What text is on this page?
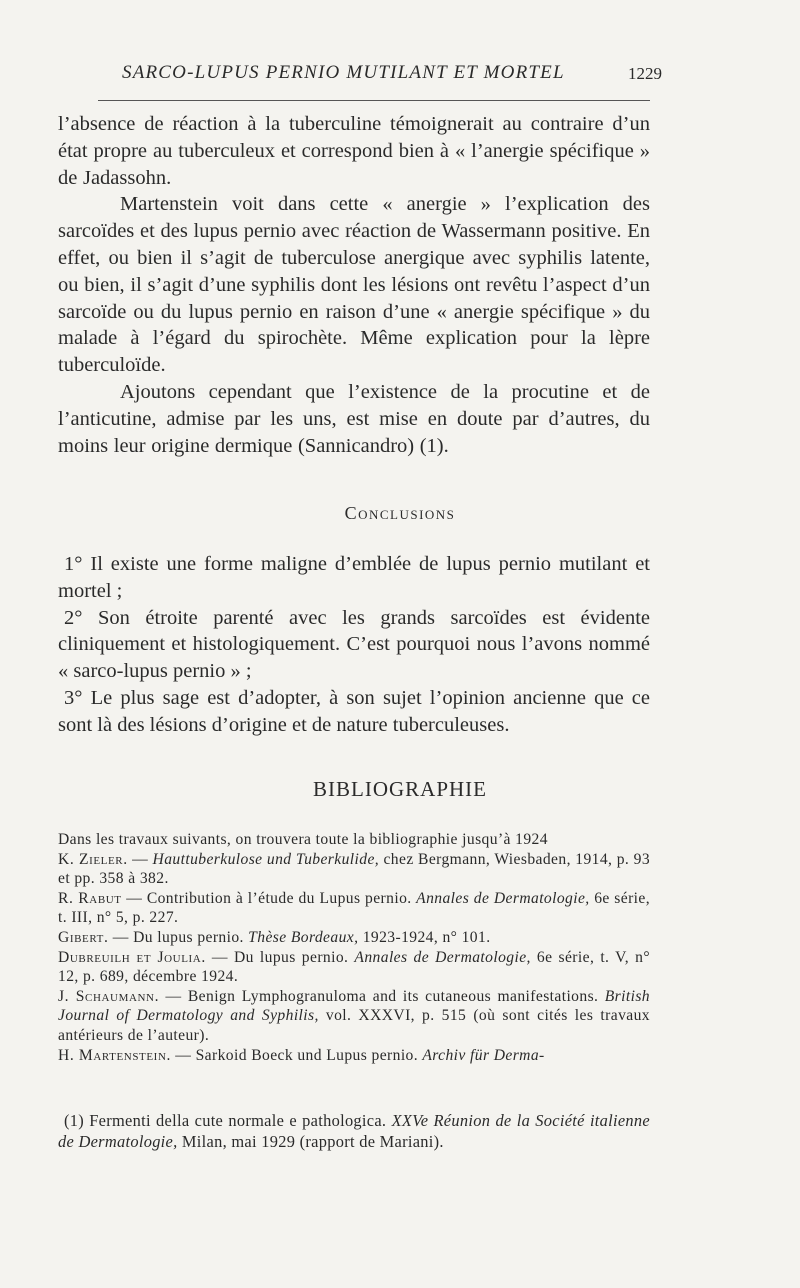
SARCO-LUPUS PERNIO MUTILANT ET MORTEL	1229

l’absence de réaction à la tuberculine témoignerait au contraire d’un état propre au tuberculeux et correspond bien à « l’anergie spécifique » de Jadassohn.

Martenstein voit dans cette « anergie » l’explication des sarcoïdes et des lupus pernio avec réaction de Wassermann positive. En effet, ou bien il s’agit de tuberculose anergique avec syphilis latente, ou bien, il s’agit d’une syphilis dont les lésions ont revêtu l’aspect d’un sarcoïde ou du lupus pernio en raison d’une « anergie spécifique » du malade à l’égard du spirochète. Même explication pour la lèpre tuberculoïde.

Ajoutons cependant que l’existence de la procutine et de l’anticutine, admise par les uns, est mise en doute par d’autres, du moins leur origine dermique (Sannicandro) (1).

Conclusions

1° Il existe une forme maligne d’emblée de lupus pernio mutilant et mortel ;

2° Son étroite parenté avec les grands sarcoïdes est évidente cliniquement et histologiquement. C’est pourquoi nous l’avons nommé « sarco-lupus pernio » ;

3° Le plus sage est d’adopter, à son sujet l’opinion ancienne que ce sont là des lésions d’origine et de nature tuberculeuses.

BIBLIOGRAPHIE

Dans les travaux suivants, on trouvera toute la bibliographie jusqu’à 1924

K. Zieler. — Hauttuberkulose und Tuberkulide, chez Bergmann, Wiesbaden, 1914, p. 93 et pp. 358 à 382.

R. Rabut — Contribution à l’étude du Lupus pernio. Annales de Dermatologie, 6e série, t. III, n° 5, p. 227.

Gibert. — Du lupus pernio. Thèse Bordeaux, 1923-1924, n° 101.

Dubreuilh et Joulia. — Du lupus pernio. Annales de Dermatologie, 6e série, t. V, n° 12, p. 689, décembre 1924.

J. Schaumann. — Benign Lymphogranuloma and its cutaneous manifestations. British Journal of Dermatology and Syphilis, vol. XXXVI, p. 515 (où sont cités les travaux antérieurs de l’auteur).

H. Martenstein. — Sarkoid Boeck und Lupus pernio. Archiv für Derma-

(1) Fermenti della cute normale e pathologica. XXVe Réunion de la Société italienne de Dermatologie, Milan, mai 1929 (rapport de Mariani).
